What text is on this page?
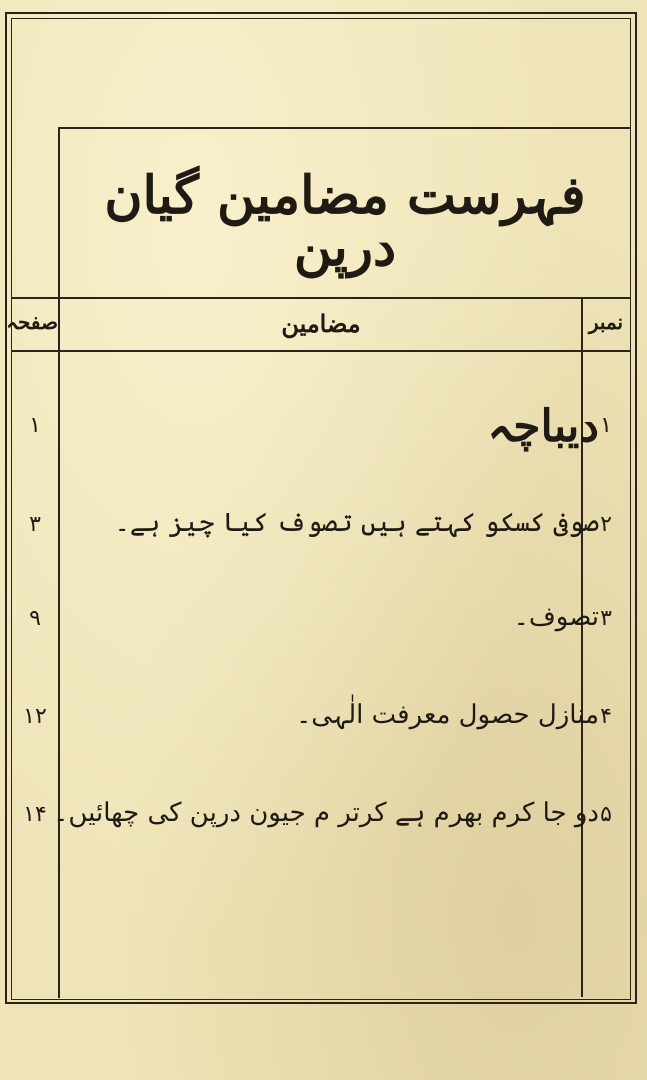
فہرست مضامین گیان درپن
نمبر
مضامین
صفحہ
۱
دیباچہ
۱
۲
صوفی کسکو کہتے ہیں تصوف کیا چیز ہے۔
۳
۳
تصوف۔
۹
۴
منازل حصول معرفت الٰہی۔
۱۲
۵
دو جا کرم بھرم ہے کرتر م جیون درپن کی چھائیں۔
۱۴
